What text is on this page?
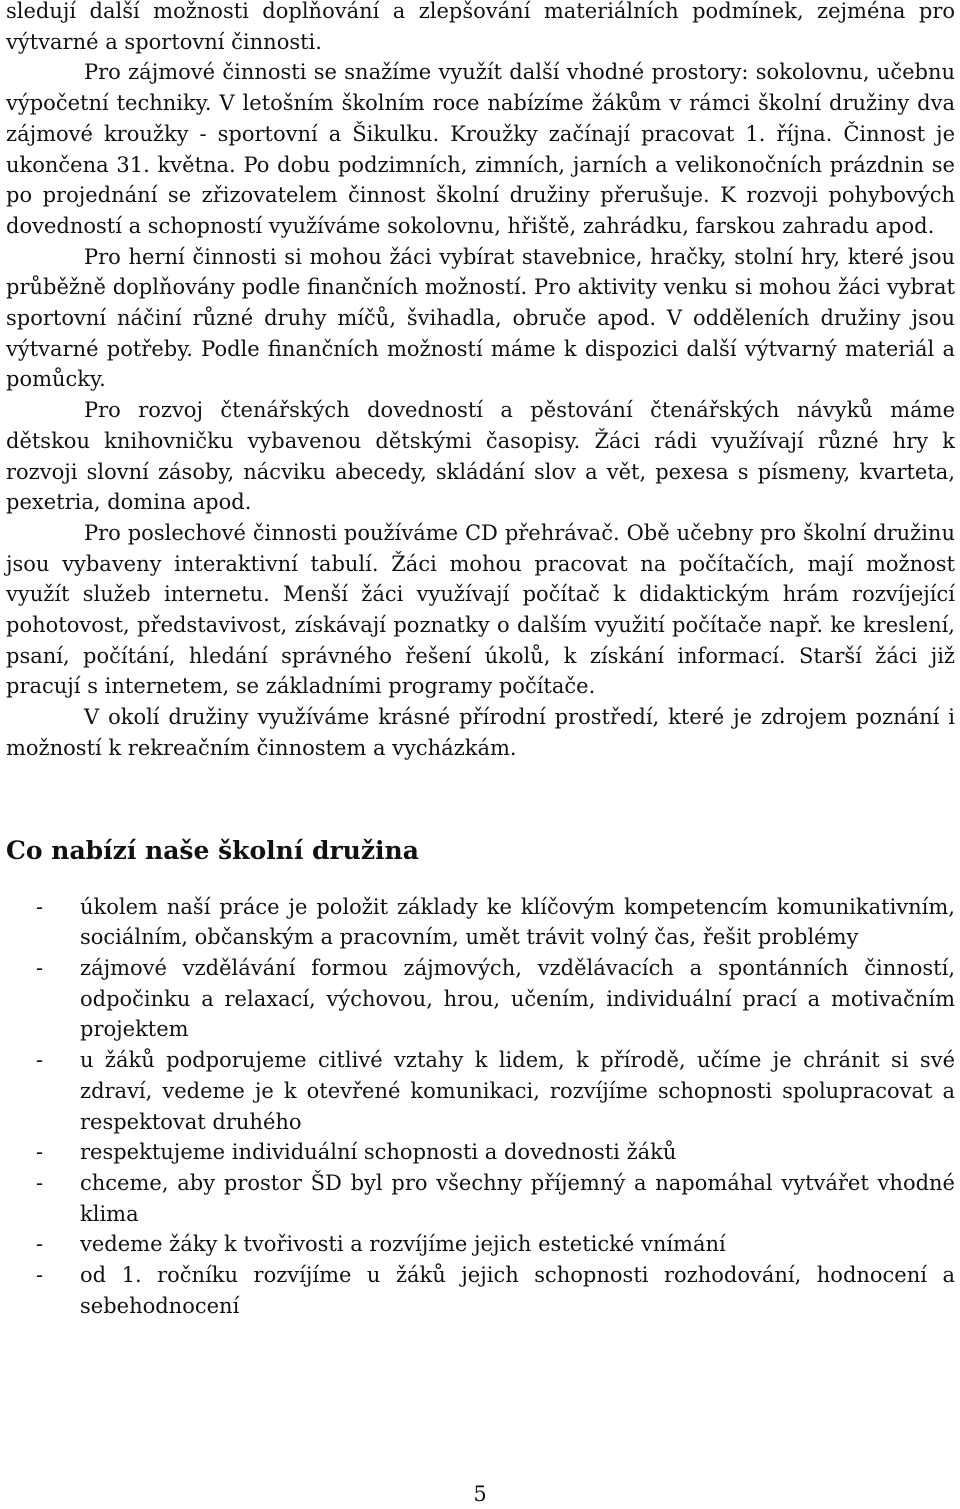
sledují další možnosti doplňování a zlepšování materiálních podmínek, zejména pro výtvarné a sportovní činnosti.

Pro zájmové činnosti se snažíme využít další vhodné prostory: sokolovnu, učebnu výpočetní techniky. V letošním školním roce nabízíme žákům v rámci školní družiny dva zájmové kroužky - sportovní a Šikulku. Kroužky začínají pracovat 1. října. Činnost je ukončena 31. května. Po dobu podzimních, zimních, jarních a velikonočních prázdnin se po projednání se zřizovatelem činnost školní družiny přerušuje. K rozvoji pohybových dovedností a schopností využíváme sokolovnu, hřiště, zahrádku, farskou zahradu apod.

Pro herní činnosti si mohou žáci vybírat stavebnice, hračky, stolní hry, které jsou průběžně doplňovány podle finančních možností. Pro aktivity venku si mohou žáci vybrat sportovní náčiní různé druhy míčů, švihadla, obruče apod. V odděleních družiny jsou výtvarné potřeby. Podle finančních možností máme k dispozici další výtvarný materiál a pomůcky.

Pro rozvoj čtenářských dovedností a pěstování čtenářských návyků máme dětskou knihovničku vybavenou dětskými časopisy. Žáci rádi využívají různé hry k rozvoji slovní zásoby, nácviku abecedy, skládání slov a vět, pexesa s písmeny, kvarteta, pexetria, domina apod.

Pro poslechové činnosti používáme CD přehrávač. Obě učebny pro školní družinu jsou vybaveny interaktivní tabulí. Žáci mohou pracovat na počítačích, mají možnost využít služeb internetu. Menší žáci využívají počítač k didaktickým hrám rozvíjející pohotovost, představivost, získávají poznatky o dalším využití počítače např. ke kreslení, psaní, počítání, hledání správného řešení úkolů, k získání informací. Starší žáci již pracují s internetem, se základními programy počítače.

V okolí družiny využíváme krásné přírodní prostředí, které je zdrojem poznání i možností k rekreačním činnostem a vycházkám.

Co nabízí naše školní družina
- úkolem naší práce je položit základy ke klíčovým kompetencím komunikativním, sociálním, občanským a pracovním, umět trávit volný čas, řešit problémy
- zájmové vzdělávání formou zájmových, vzdělávacích a spontánních činností, odpočinku a relaxací, výchovou, hrou, učením, individuální prací a motivačním projektem
- u žáků podporujeme citlivé vztahy k lidem, k přírodě, učíme je chránit si své zdraví, vedeme je k otevřené komunikaci, rozvíjíme schopnosti spolupracovat a respektovat druhého
- respektujeme individuální schopnosti a dovednosti žáků
- chceme, aby prostor ŠD byl pro všechny příjemný a napomáhal vytvářet vhodné klima
- vedeme žáky k tvořivosti a rozvíjíme jejich estetické vnímání
- od 1. ročníku rozvíjíme u žáků jejich schopnosti rozhodování, hodnocení a sebehodnocení
5
